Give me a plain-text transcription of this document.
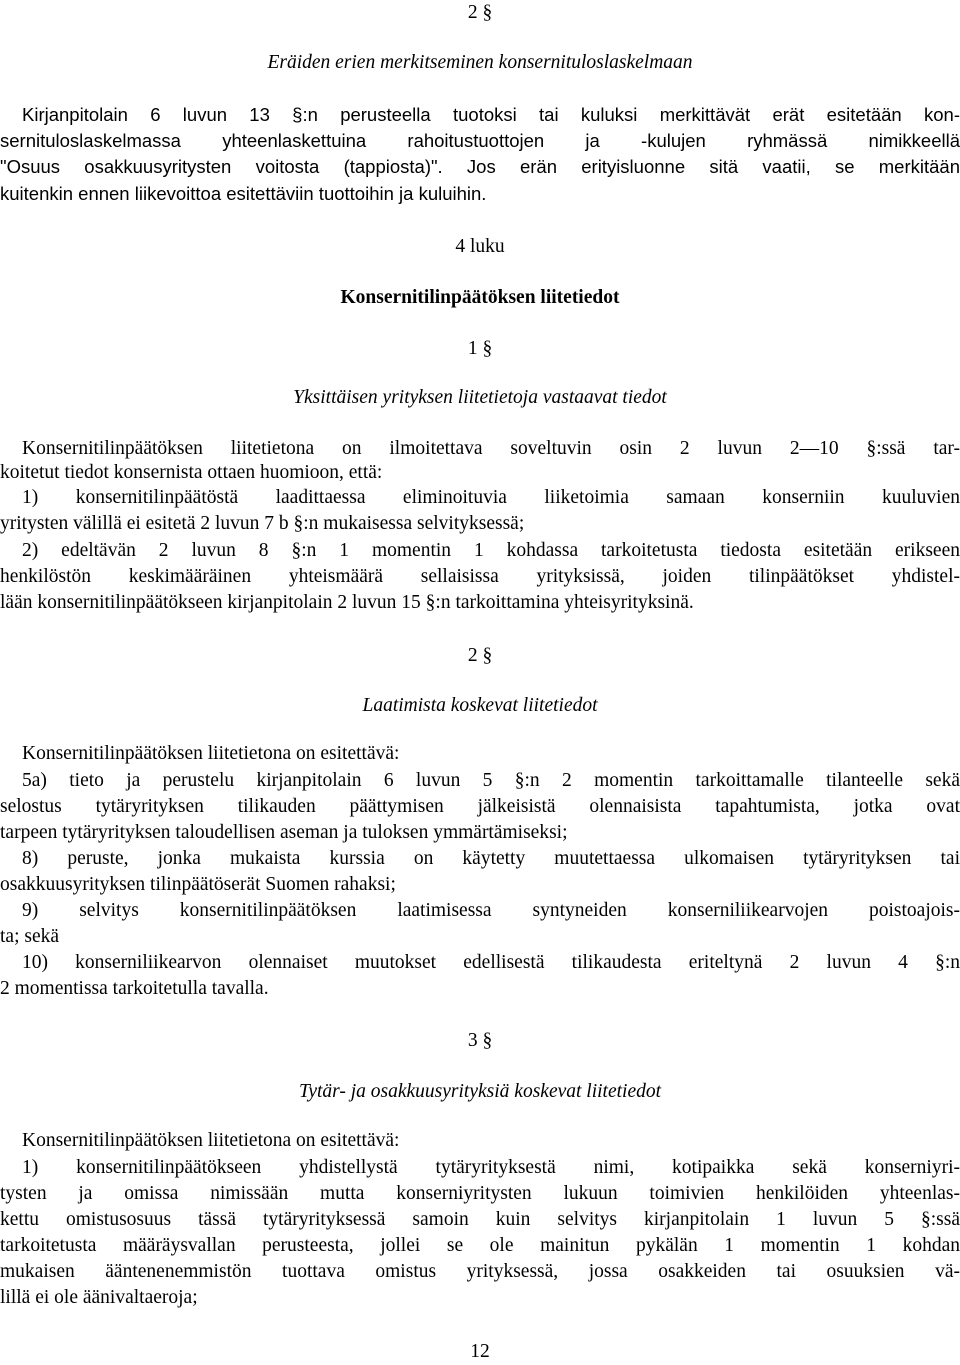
2 §
Eräiden erien merkitseminen konsernituloslaskelmaan
Kirjanpitolain 6 luvun 13 §:n perusteella tuotoksi tai kuluksi merkittävät erät esitetään kon-
sernituloslaskelmassa yhteenlaskettuina rahoitustuottojen ja -kulujen ryhmässä nimikkeellä
"Osuus osakkuusyritysten voitosta (tappiosta)". Jos erän erityisluonne sitä vaatii, se merkitään
kuitenkin ennen liikevoittoa esitettäviin tuottoihin ja kuluihin.
4 luku
Konsernitilinpäätöksen liitetiedot
1 §
Yksittäisen yrityksen liitetietoja vastaavat tiedot
Konsernitilinpäätöksen liitetietona on ilmoitettava soveltuvin osin 2 luvun 2—10 §:ssä tar-
koitetut tiedot konsernista ottaen huomioon, että:
1) konsernitilinpäätöstä laadittaessa eliminoituvia liiketoimia samaan konserniin kuuluvien
yritysten välillä ei esitetä 2 luvun 7 b §:n mukaisessa selvityksessä;
2) edeltävän 2 luvun 8 §:n 1 momentin 1 kohdassa tarkoitetusta tiedosta esitetään erikseen
henkilöstön keskimääräinen yhteismäärä sellaisissa yrityksissä, joiden tilinpäätökset yhdistel-
lään konsernitilinpäätökseen kirjanpitolain 2 luvun 15 §:n tarkoittamina yhteisyrityksinä.
2 §
Laatimista koskevat liitetiedot
Konsernitilinpäätöksen liitetietona on esitettävä:
5a) tieto ja perustelu kirjanpitolain 6 luvun 5 §:n 2 momentin tarkoittamalle tilanteelle sekä
selostus tytäryrityksen tilikauden päättymisen jälkeisistä olennaisista tapahtumista, jotka ovat
tarpeen tytäryrityksen taloudellisen aseman ja tuloksen ymmärtämiseksi;
8) peruste, jonka mukaista kurssia on käytetty muutettaessa ulkomaisen tytäryrityksen tai
osakkuusyrityksen tilinpäätöserät Suomen rahaksi;
9) selvitys konsernitilinpäätöksen laatimisessa syntyneiden konserniliikearvojen poistoajois-
ta; sekä
10) konserniliikearvon olennaiset muutokset edellisestä tilikaudesta eriteltynä 2 luvun 4 §:n
2 momentissa tarkoitetulla tavalla.
3 §
Tytär- ja osakkuusyrityksiä koskevat liitetiedot
Konsernitilinpäätöksen liitetietona on esitettävä:
1) konsernitilinpäätökseen yhdistellystä tytäryrityksestä nimi, kotipaikka sekä konserniyri-
tysten ja omissa nimissään mutta konserniyritysten lukuun toimivien henkilöiden yhteenlas-
kettu omistusosuus tässä tytäryrityksessä samoin kuin selvitys kirjanpitolain 1 luvun 5 §:ssä
tarkoitetusta määräysvallan perusteesta, jollei se ole mainitun pykälän 1 momentin 1 kohdan
mukaisen ääntenenemmistön tuottava omistus yrityksessä, jossa osakkeiden tai osuuksien vä-
lillä ei ole äänivaltaeroja;
12
